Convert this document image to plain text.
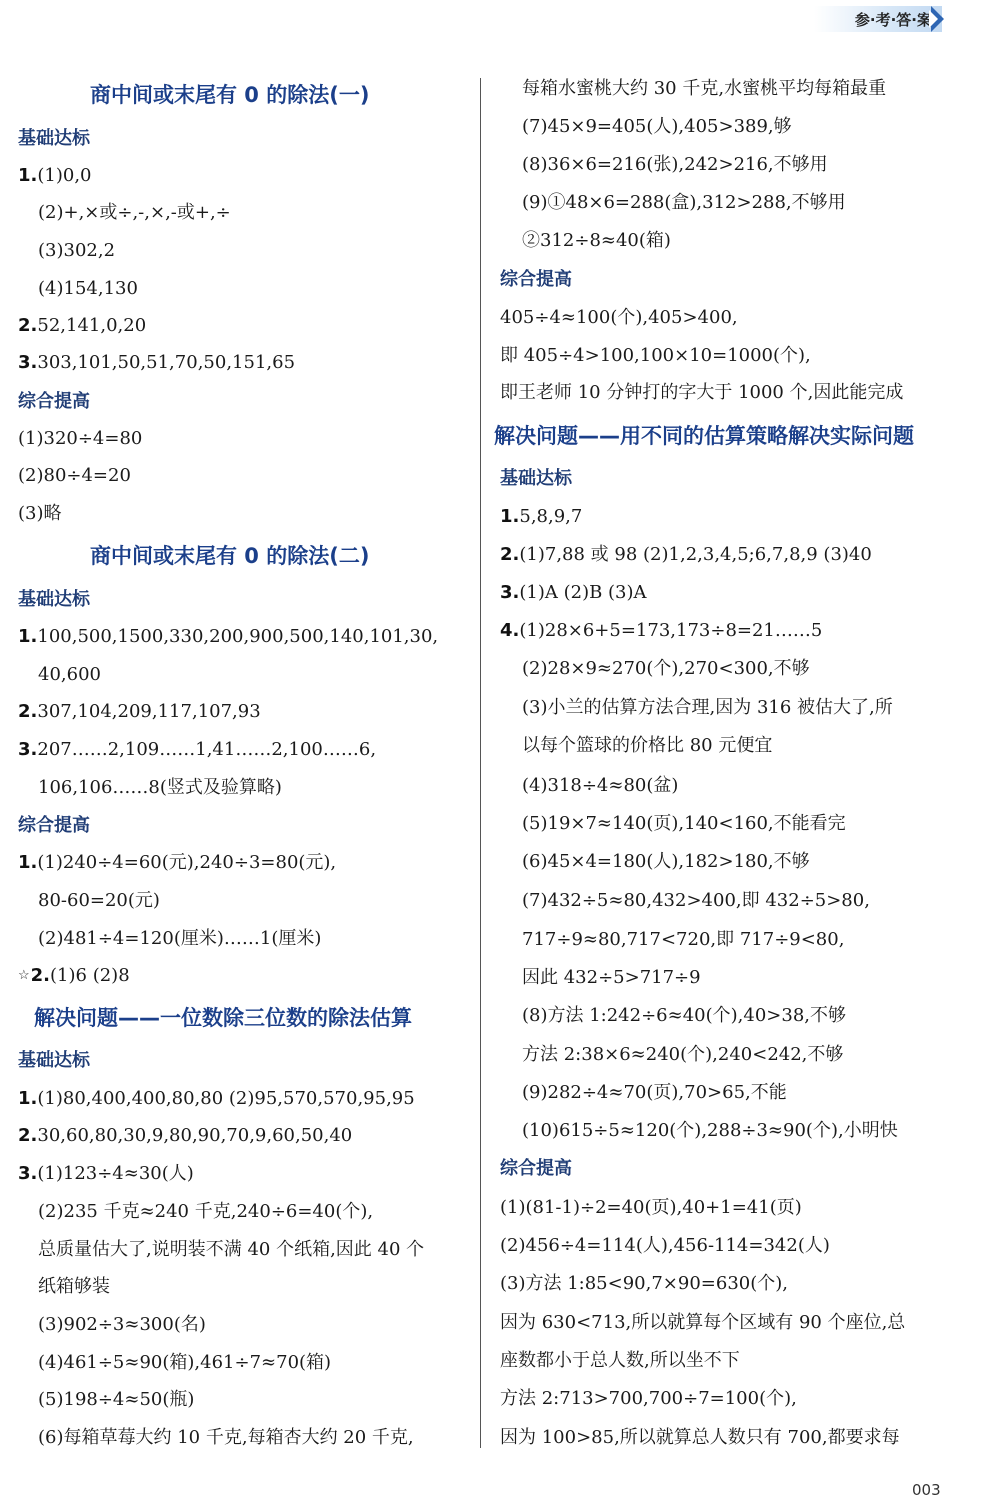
参·考·答·案
商中间或末尾有 0 的除法(一)
基础达标
1.(1)0,0
(2)+,×或÷,-,×,-或+,÷
(3)302,2
(4)154,130
2.52,141,0,20
3.303,101,50,51,70,50,151,65
综合提高
(1)320÷4=80
(2)80÷4=20
(3)略
商中间或末尾有 0 的除法(二)
基础达标
1.100,500,1500,330,200,900,500,140,101,30,
40,600
2.307,104,209,117,107,93
3.207……2,109……1,41……2,100……6,
106,106……8(竖式及验算略)
综合提高
1.(1)240÷4=60(元),240÷3=80(元),
80-60=20(元)
(2)481÷4=120(厘米)……1(厘米)
☆2.(1)6 (2)8
解决问题——一位数除三位数的除法估算
基础达标
1.(1)80,400,400,80,80 (2)95,570,570,95,95
2.30,60,80,30,9,80,90,70,9,60,50,40
3.(1)123÷4≈30(人)
(2)235 千克≈240 千克,240÷6=40(个),
总质量估大了,说明装不满 40 个纸箱,因此 40 个
纸箱够装
(3)902÷3≈300(名)
(4)461÷5≈90(箱),461÷7≈70(箱)
(5)198÷4≈50(瓶)
(6)每箱草莓大约 10 千克,每箱杏大约 20 千克,
每箱水蜜桃大约 30 千克,水蜜桃平均每箱最重
(7)45×9=405(人),405>389,够
(8)36×6=216(张),242>216,不够用
(9)①48×6=288(盒),312>288,不够用
②312÷8≈40(箱)
综合提高
405÷4≈100(个),405>400,
即 405÷4>100,100×10=1000(个),
即王老师 10 分钟打的字大于 1000 个,因此能完成
解决问题——用不同的估算策略解决实际问题
基础达标
1.5,8,9,7
2.(1)7,88 或 98 (2)1,2,3,4,5;6,7,8,9 (3)40
3.(1)A (2)B (3)A
4.(1)28×6+5=173,173÷8=21……5
(2)28×9≈270(个),270<300,不够
(3)小兰的估算方法合理,因为 316 被估大了,所
以每个篮球的价格比 80 元便宜
(4)318÷4≈80(盆)
(5)19×7≈140(页),140<160,不能看完
(6)45×4=180(人),182>180,不够
(7)432÷5≈80,432>400,即 432÷5>80,
717÷9≈80,717<720,即 717÷9<80,
因此 432÷5>717÷9
(8)方法 1:242÷6≈40(个),40>38,不够
方法 2:38×6≈240(个),240<242,不够
(9)282÷4≈70(页),70>65,不能
(10)615÷5≈120(个),288÷3≈90(个),小明快
综合提高
(1)(81-1)÷2=40(页),40+1=41(页)
(2)456÷4=114(人),456-114=342(人)
(3)方法 1:85<90,7×90=630(个),
因为 630<713,所以就算每个区域有 90 个座位,总
座数都小于总人数,所以坐不下
方法 2:713>700,700÷7=100(个),
因为 100>85,所以就算总人数只有 700,都要求每
003
